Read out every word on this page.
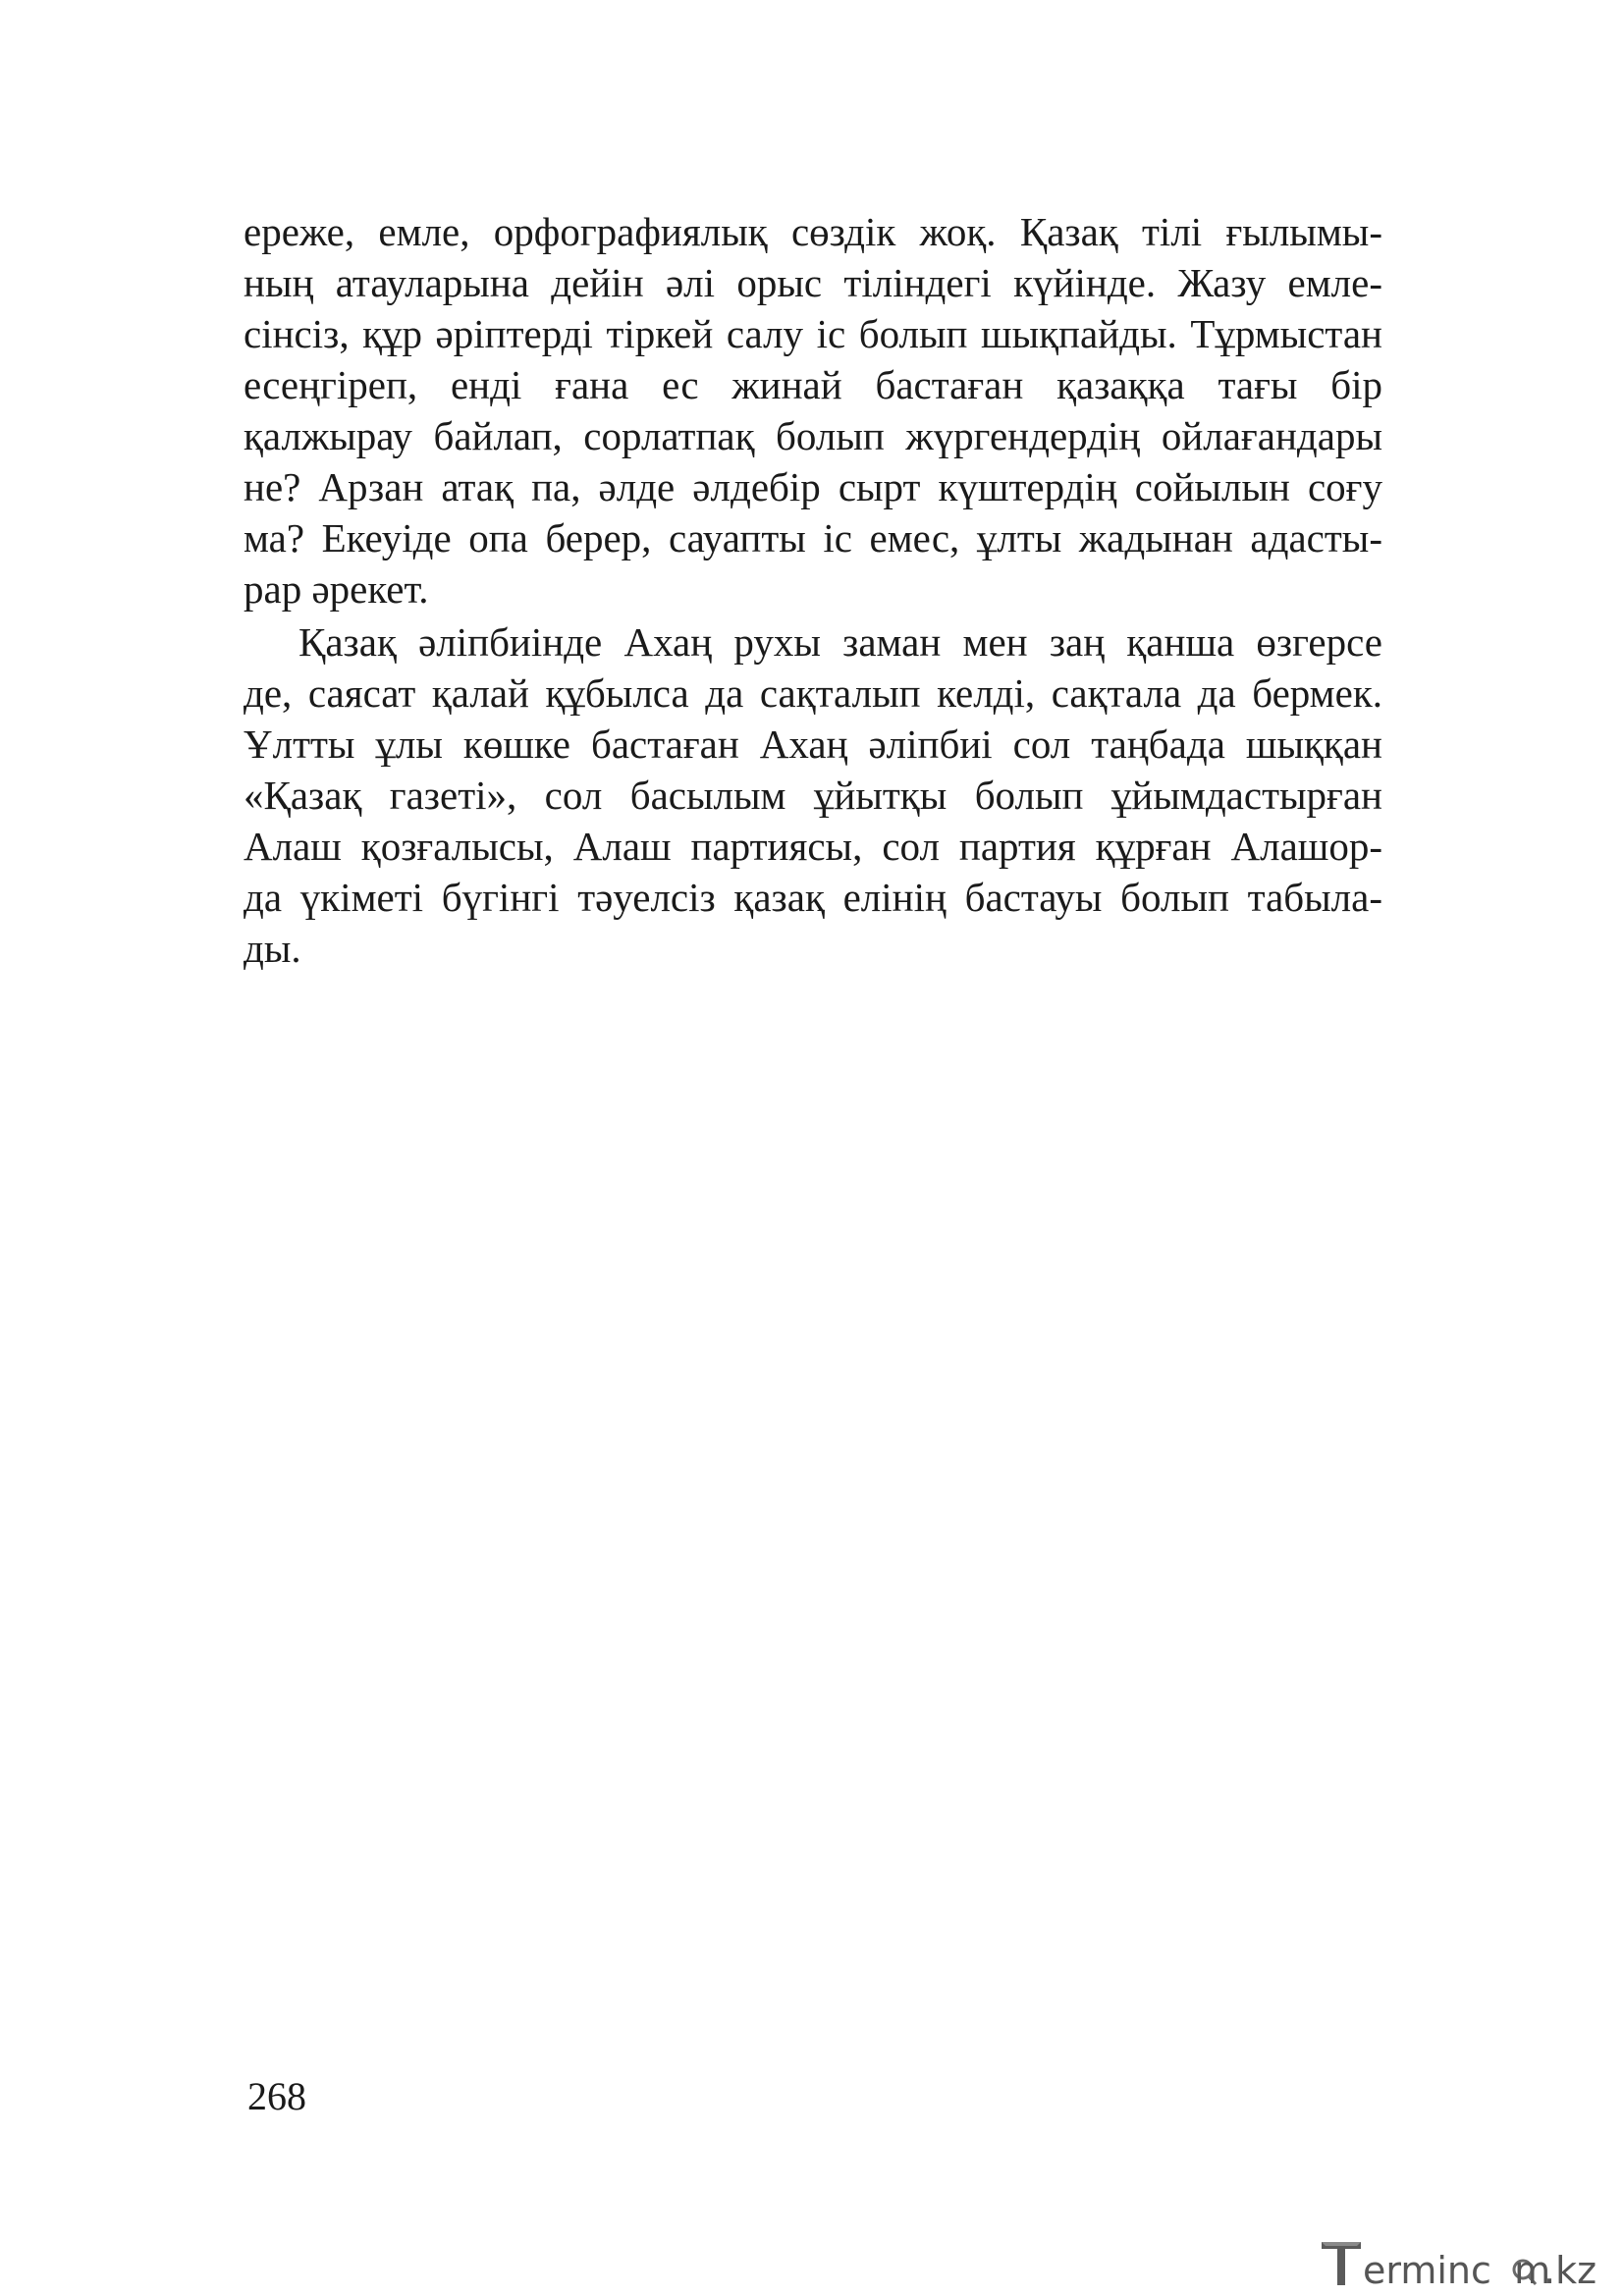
ереже, емле, орфографиялық сөздік жоқ. Қазақ тілі ғылымы-
ның атауларына дейін әлі орыс тіліндегі күйінде. Жазу емле-
сінсіз, құр әріптерді тіркей салу іс болып шықпайды. Тұрмыстан
есеңгіреп, енді ғана ес жинай бастаған қазаққа тағы бір
қалжырау байлап, сорлатпақ болып жүргендердің ойлағандары
не? Арзан атақ па, әлде әлдебір сырт күштердің сойылын соғу
ма? Екеуіде опа берер, сауапты іс емес, ұлты жадынан адасты-
рар әрекет.
Қазақ әліпбиінде Ахаң рухы заман мен заң қанша өзгерсе
де, саясат қалай құбылса да сақталып келді, сақтала да бермек.
Ұлтты ұлы көшке бастаған Ахаң әліпбиі сол таңбада шыққан
«Қазақ газеті», сол басылым ұйытқы болып ұйымдастырған
Алаш қозғалысы, Алаш партиясы, сол партия құрған Алашор-
да үкіметі бүгінгі тәуелсіз қазақ елінің бастауы болып табыла-
ды.
268
ermincom
.kz
